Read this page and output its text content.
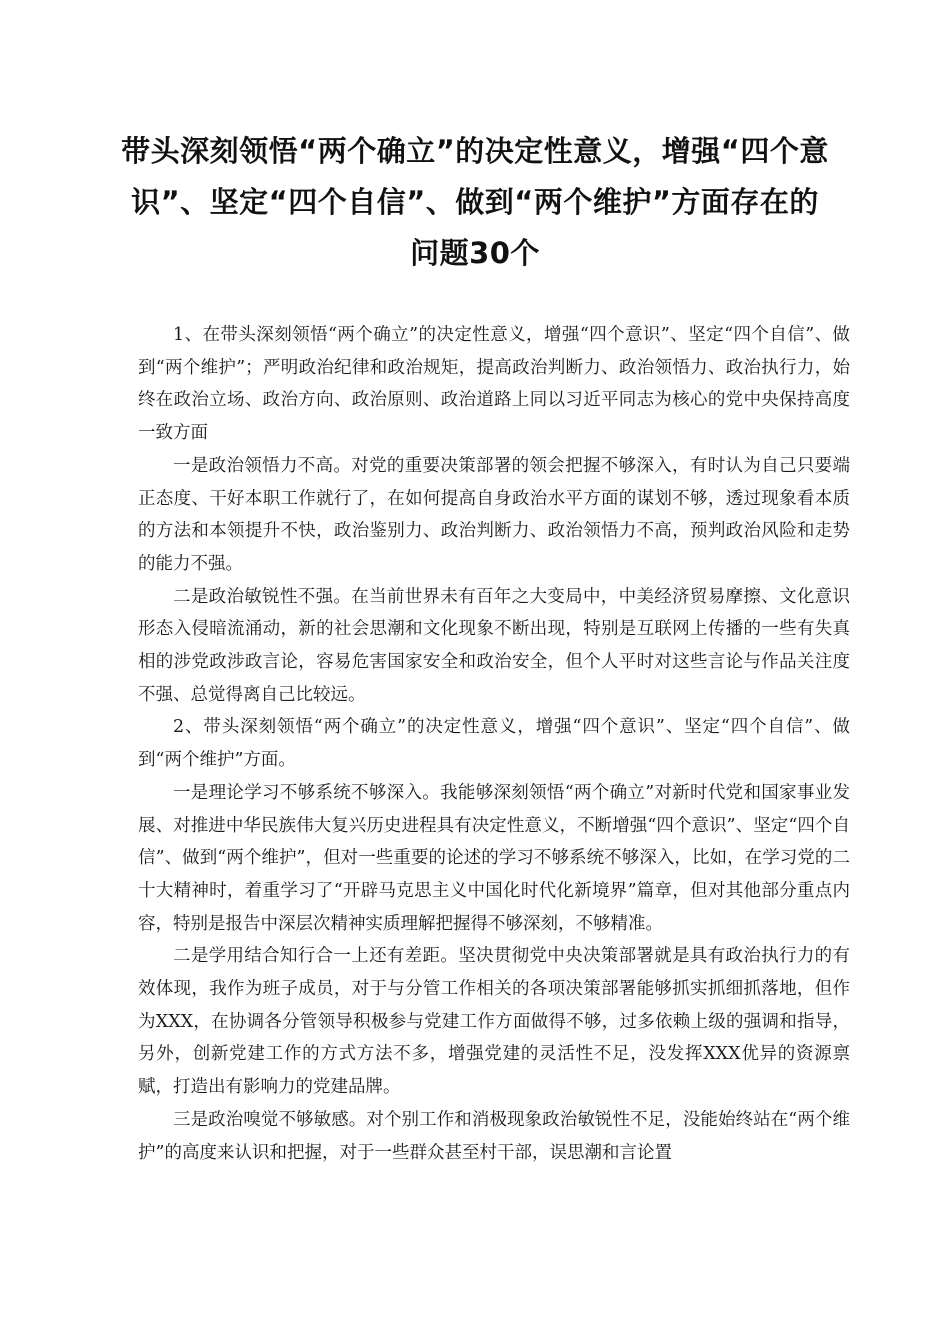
带头深刻领悟“两个确立”的决定性意义，增强“四个意识”、坚定“四个自信”、做到“两个维护”方面存在的问题30个

1、在带头深刻领悟“两个确立”的决定性意义，增强“四个意识”、坚定“四个自信”、做到“两个维护”；严明政治纪律和政治规矩，提高政治判断力、政治领悟力、政治执行力，始终在政治立场、政治方向、政治原则、政治道路上同以习近平同志为核心的党中央保持高度一致方面

一是政治领悟力不高。对党的重要决策部署的领会把握不够深入，有时认为自己只要端正态度、干好本职工作就行了，在如何提高自身政治水平方面的谋划不够，透过现象看本质的方法和本领提升不快，政治鉴别力、政治判断力、政治领悟力不高，预判政治风险和走势的能力不强。

二是政治敏锐性不强。在当前世界未有百年之大变局中，中美经济贸易摩擦、文化意识形态入侵暗流涌动，新的社会思潮和文化现象不断出现，特别是互联网上传播的一些有失真相的涉党政涉政言论，容易危害国家安全和政治安全，但个人平时对这些言论与作品关注度不强、总觉得离自己比较远。

2、带头深刻领悟“两个确立”的决定性意义，增强“四个意识”、坚定“四个自信”、做到“两个维护”方面。

一是理论学习不够系统不够深入。我能够深刻领悟“两个确立”对新时代党和国家事业发展、对推进中华民族伟大复兴历史进程具有决定性意义，不断增强“四个意识”、坚定“四个自信”、做到“两个维护”，但对一些重要的论述的学习不够系统不够深入，比如，在学习党的二十大精神时，着重学习了“开辟马克思主义中国化时代化新境界”篇章，但对其他部分重点内容，特别是报告中深层次精神实质理解把握得不够深刻，不够精准。

二是学用结合知行合一上还有差距。坚决贯彻党中央决策部署就是具有政治执行力的有效体现，我作为班子成员，对于与分管工作相关的各项决策部署能够抓实抓细抓落地，但作为XXX，在协调各分管领导积极参与党建工作方面做得不够，过多依赖上级的强调和指导，另外，创新党建工作的方式方法不多，增强党建的灵活性不足，没发挥XXX优异的资源禀赋，打造出有影响力的党建品牌。

三是政治嗅觉不够敏感。对个别工作和消极现象政治敏锐性不足，没能始终站在“两个维护”的高度来认识和把握，对于一些群众甚至村干部，误思潮和言论置
